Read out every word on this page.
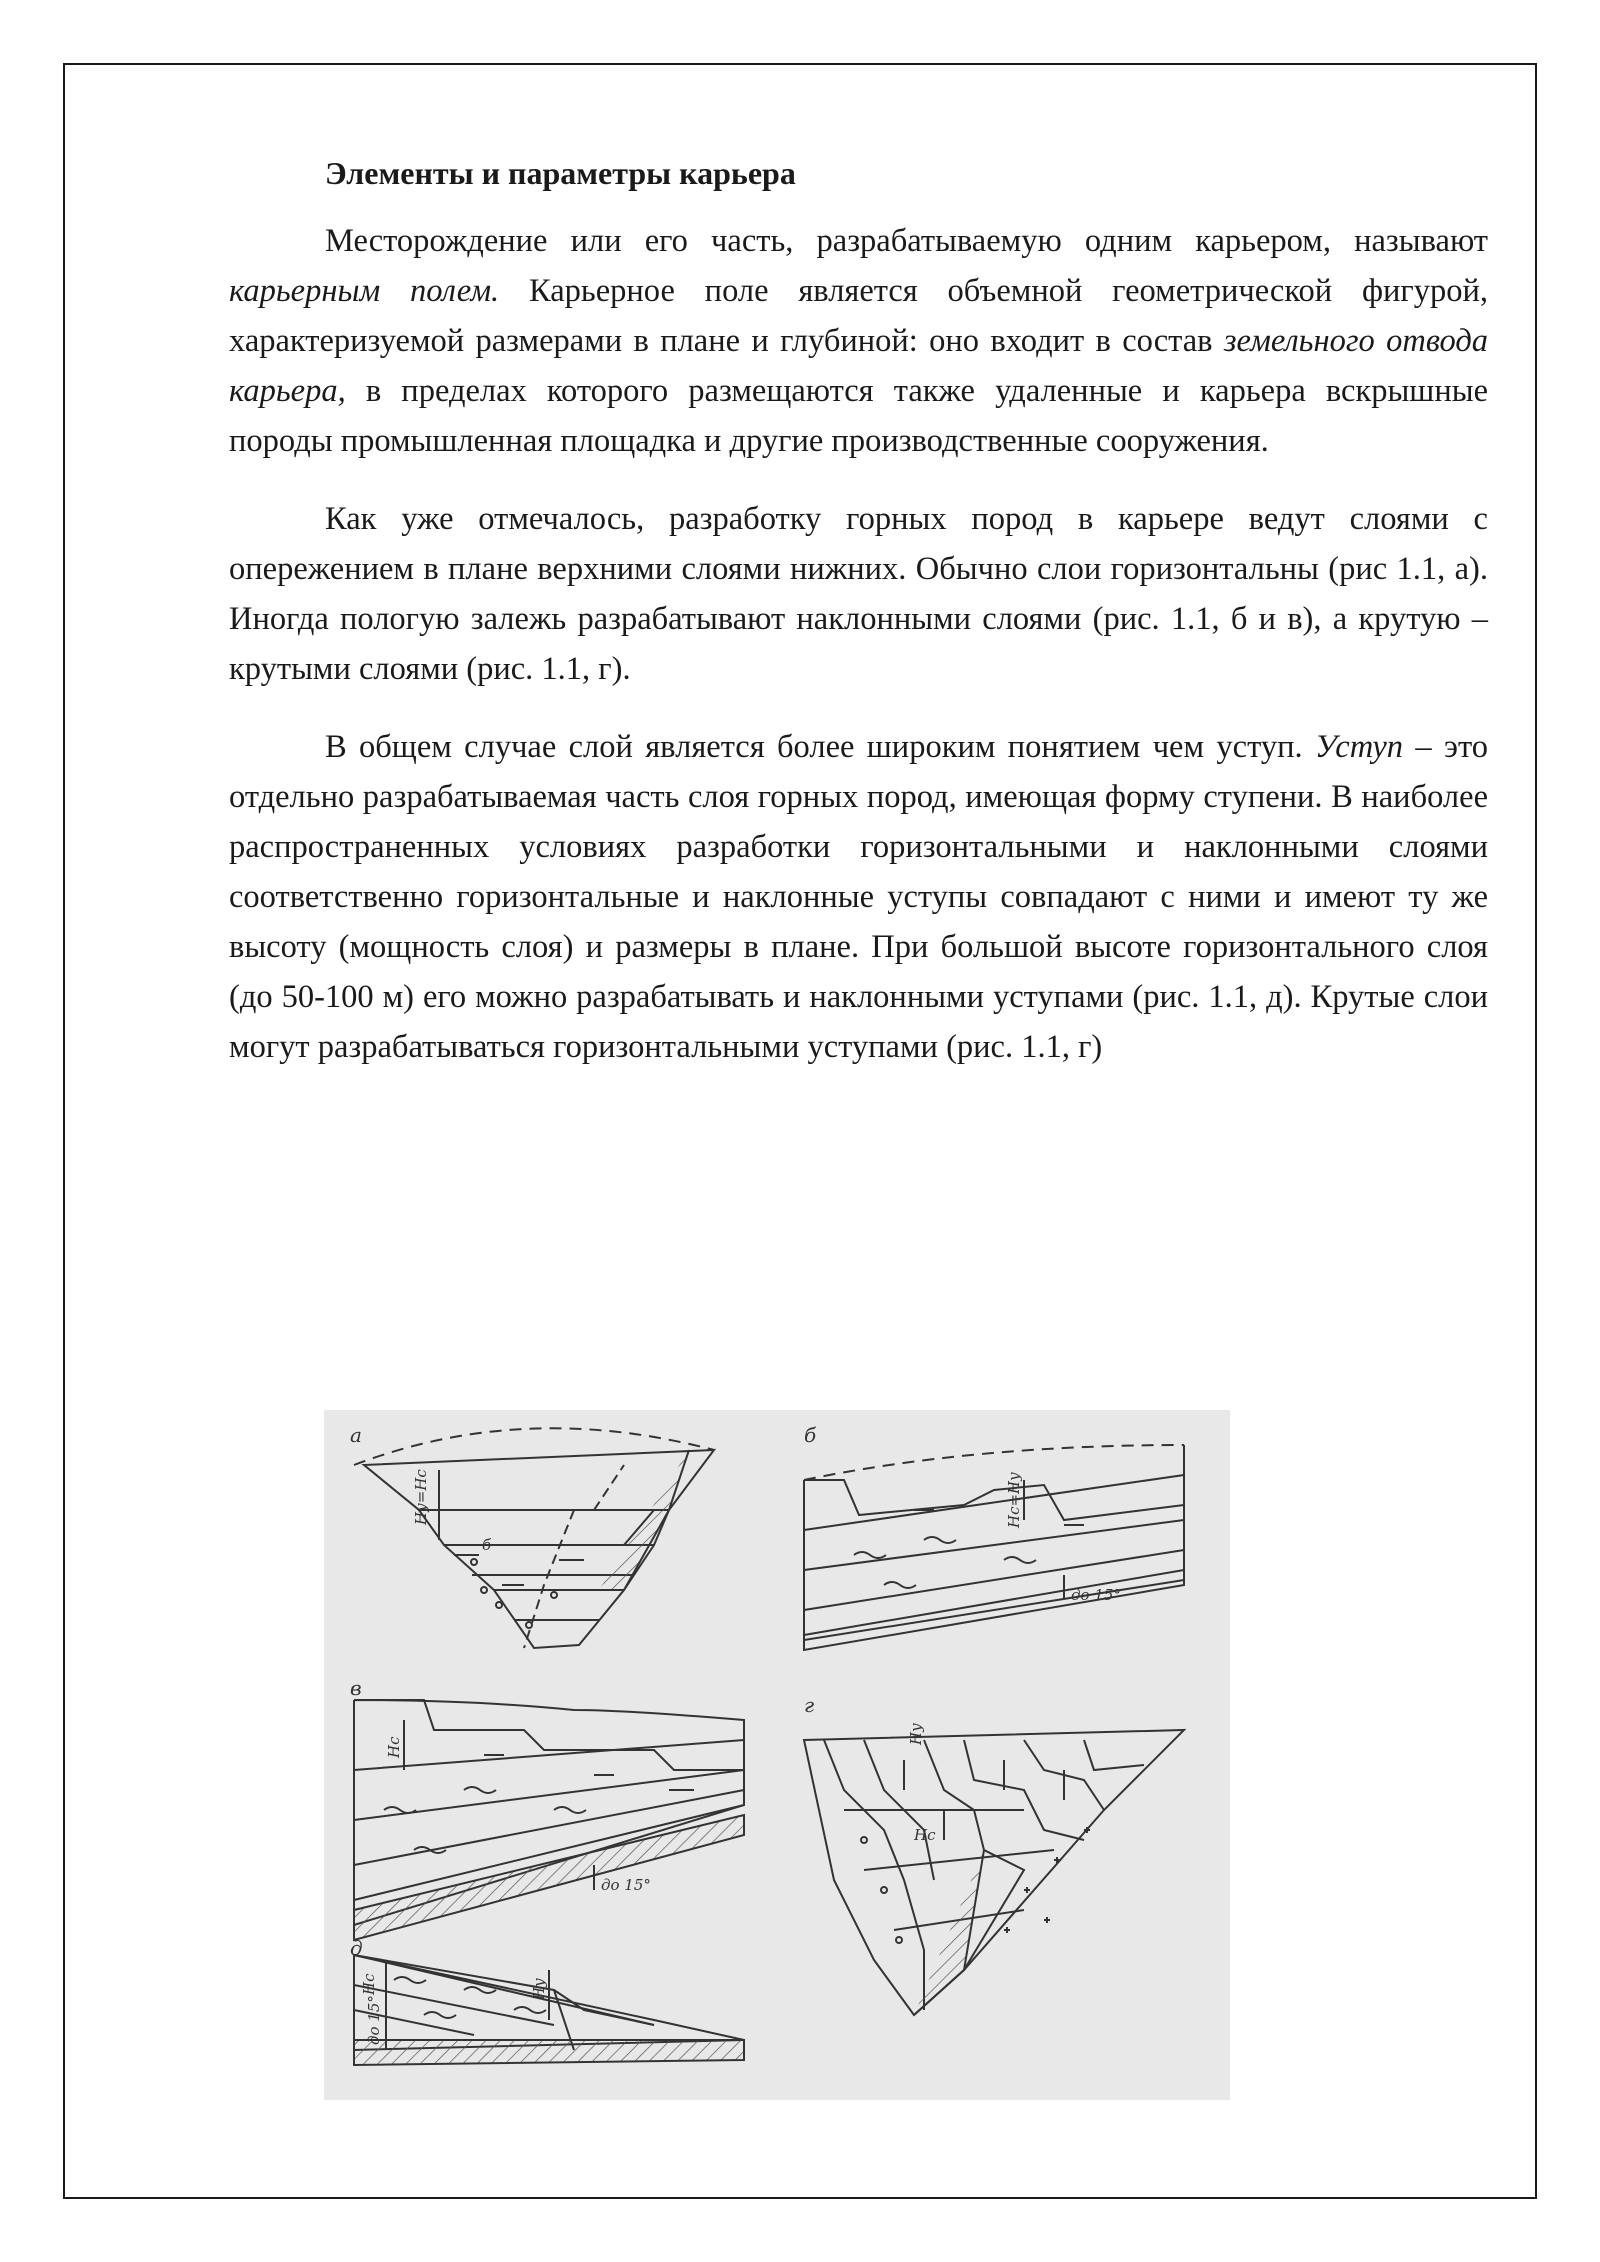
Элементы и параметры карьера

Месторождение или его часть, разрабатываемую одним карьером, называют карьерным полем. Карьерное поле является объемной геометрической фигурой, характеризуемой размерами в плане и глубиной: оно входит в состав земельного отвода карьера, в пределах которого размещаются также удаленные и карьера вскрышные породы промышленная площадка и другие производственные сооружения.

Как уже отмечалось, разработку горных пород в карьере ведут слоями с опережением в плане верхними слоями нижних. Обычно слои горизонтальны (рис 1.1, а). Иногда пологую залежь разрабатывают наклонными слоями (рис. 1.1, б и в), а крутую – крутыми слоями (рис. 1.1, г).

В общем случае слой является более широким понятием чем уступ. Уступ – это отдельно разрабатываемая часть слоя горных пород, имеющая форму ступени. В наиболее распространенных условиях разработки горизонтальными и наклонными слоями соответственно горизонтальные и наклонные уступы совпадают с ними и имеют ту же высоту (мощность слоя) и размеры в плане. При большой высоте горизонтального слоя (до 50-100 м) его можно разрабатывать и наклонными уступами (рис. 1.1, д). Крутые слои могут разрабатываться горизонтальными уступами (рис. 1.1, г)

а	б
в
г
д
Hу=Hс
б
Hс=Hу
до 15°
Hс
до 15°
Hу
Hс
Hс	Hу
до 15°
